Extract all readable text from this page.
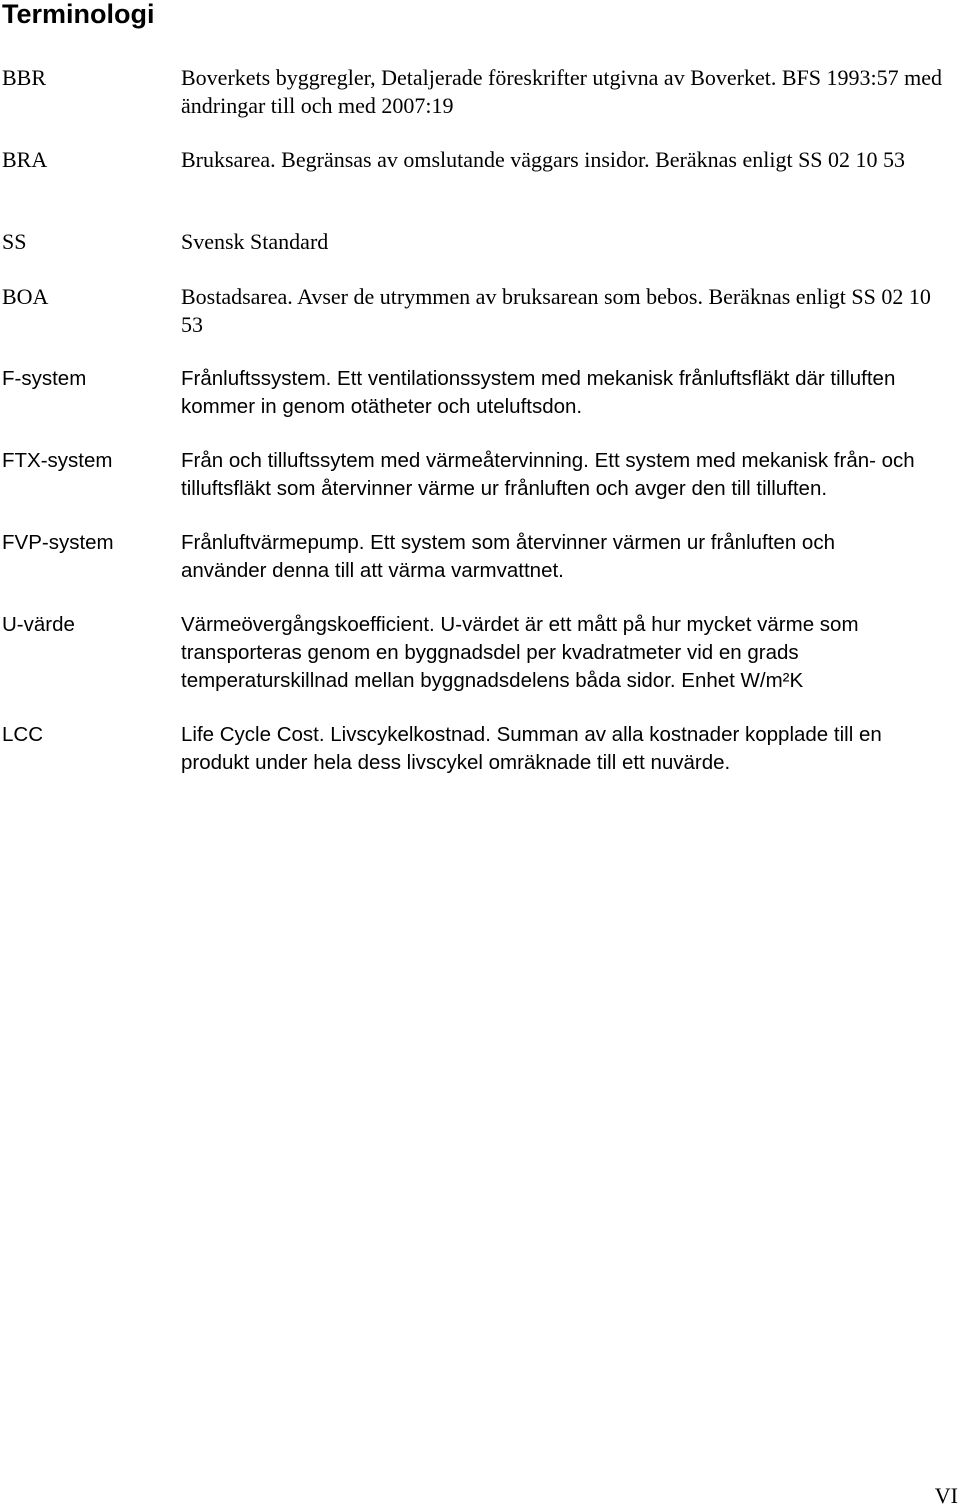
Terminologi
BBR	Boverkets byggregler, Detaljerade föreskrifter utgivna av Boverket. BFS 1993:57 med ändringar till och med 2007:19
BRA	Bruksarea. Begränsas av omslutande väggars insidor. Beräknas enligt SS 02 10 53
SS	Svensk Standard
BOA	Bostadsarea. Avser de utrymmen av bruksarean som bebos. Beräknas enligt SS 02 10 53
F-system	Frånluftssystem. Ett ventilationssystem med mekanisk frånluftsfläkt där tilluften kommer in genom otätheter och uteluftsdon.
FTX-system	Från och tilluftssytem med värmeåtervinning. Ett system med mekanisk från- och tilluftsfläkt som återvinner värme ur frånluften och avger den till tilluften.
FVP-system	Frånluftvärmepump. Ett system som återvinner värmen ur frånluften och använder denna till att värma varmvattnet.
U-värde	Värmeövergångskoefficient. U-värdet är ett mått på hur mycket värme som transporteras genom en byggnadsdel per kvadratmeter vid en grads temperaturskillnad mellan byggnadsdelens båda sidor. Enhet W/m²K
LCC	Life Cycle Cost. Livscykelkostnad. Summan av alla kostnader kopplade till en produkt under hela dess livscykel omräknade till ett nuvärde.
VI
